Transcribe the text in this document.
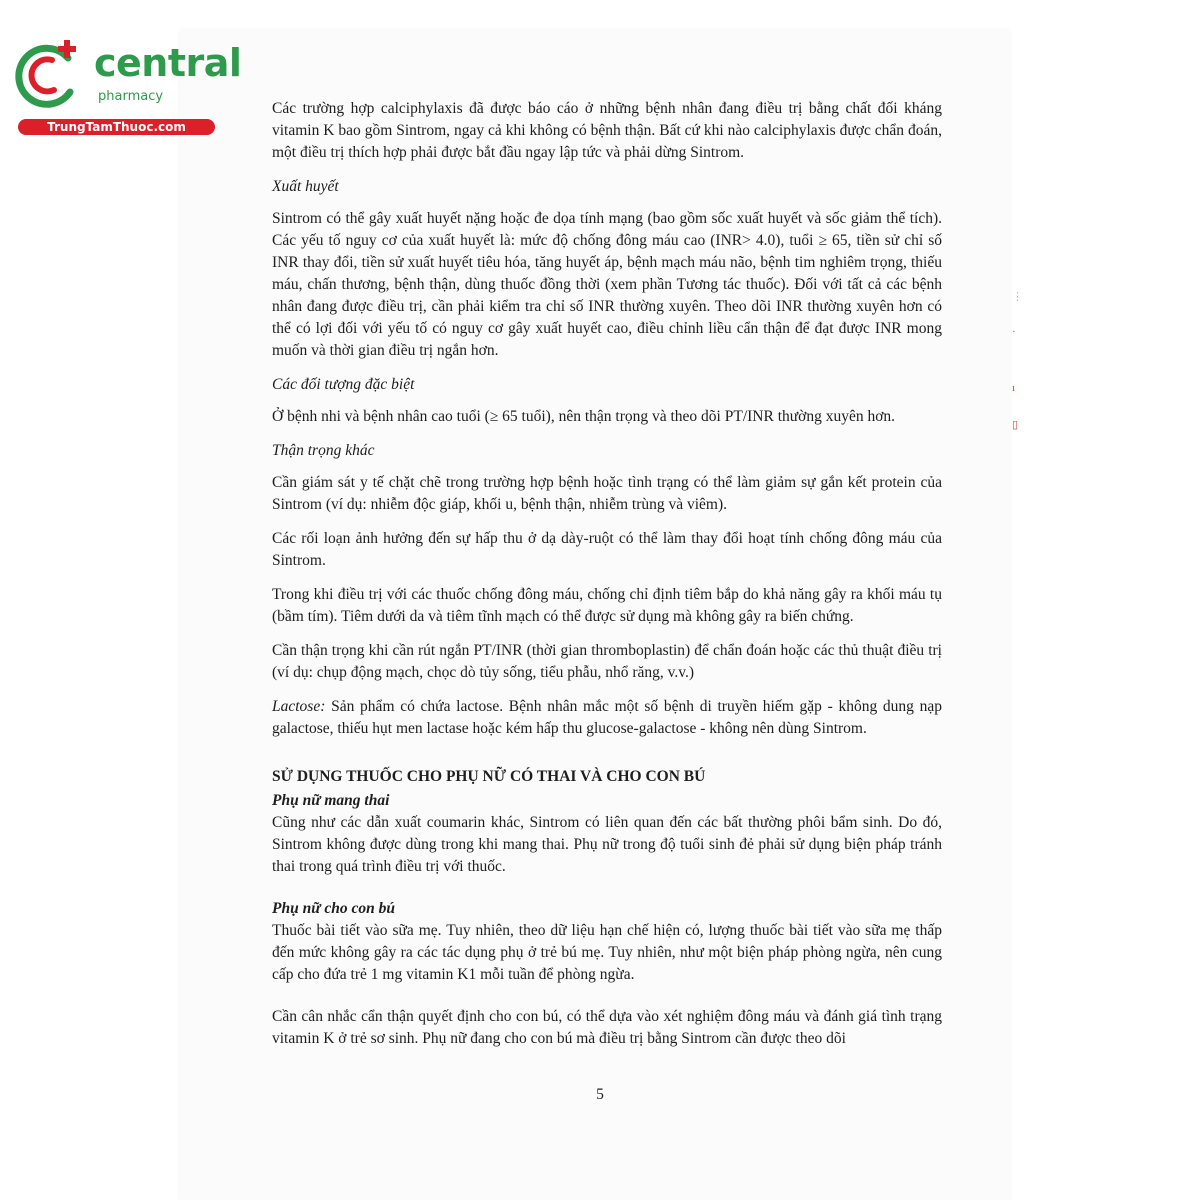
central
pharmacy
TrungTamThuoc.com

Các trường hợp calciphylaxis đã được báo cáo ở những bệnh nhân đang điều trị bằng chất đối kháng vitamin K bao gồm Sintrom, ngay cả khi không có bệnh thận. Bất cứ khi nào calciphylaxis được chẩn đoán, một điều trị thích hợp phải được bắt đầu ngay lập tức và phải dừng Sintrom.

Xuất huyết

Sintrom có thể gây xuất huyết nặng hoặc đe dọa tính mạng (bao gồm sốc xuất huyết và sốc giảm thể tích). Các yếu tố nguy cơ của xuất huyết là: mức độ chống đông máu cao (INR> 4.0), tuổi ≥ 65, tiền sử chỉ số INR thay đổi, tiền sử xuất huyết tiêu hóa, tăng huyết áp, bệnh mạch máu não, bệnh tim nghiêm trọng, thiếu máu, chấn thương, bệnh thận, dùng thuốc đồng thời (xem phần Tương tác thuốc). Đối với tất cả các bệnh nhân đang được điều trị, cần phải kiểm tra chỉ số INR thường xuyên. Theo dõi INR thường xuyên hơn có thể có lợi đối với yếu tố có nguy cơ gây xuất huyết cao, điều chỉnh liều cẩn thận để đạt được INR mong muốn và thời gian điều trị ngắn hơn.

Các đối tượng đặc biệt

Ở bệnh nhi và bệnh nhân cao tuổi (≥ 65 tuổi), nên thận trọng và theo dõi PT/INR thường xuyên hơn.

Thận trọng khác

Cần giám sát y tế chặt chẽ trong trường hợp bệnh hoặc tình trạng có thể làm giảm sự gắn kết protein của Sintrom (ví dụ: nhiễm độc giáp, khối u, bệnh thận, nhiễm trùng và viêm).

Các rối loạn ảnh hưởng đến sự hấp thu ở dạ dày-ruột có thể làm thay đổi hoạt tính chống đông máu của Sintrom.

Trong khi điều trị với các thuốc chống đông máu, chống chỉ định tiêm bắp do khả năng gây ra khối máu tụ (bầm tím). Tiêm dưới da và tiêm tĩnh mạch có thể được sử dụng mà không gây ra biến chứng.

Cần thận trọng khi cần rút ngắn PT/INR (thời gian thromboplastin) để chẩn đoán hoặc các thủ thuật điều trị (ví dụ: chụp động mạch, chọc dò tủy sống, tiểu phẫu, nhổ răng, v.v.)

Lactose: Sản phẩm có chứa lactose. Bệnh nhân mắc một số bệnh di truyền hiếm gặp - không dung nạp galactose, thiếu hụt men lactase hoặc kém hấp thu glucose-galactose - không nên dùng Sintrom.

SỬ DỤNG THUỐC CHO PHỤ NỮ CÓ THAI VÀ CHO CON BÚ
Phụ nữ mang thai

Cũng như các dẫn xuất coumarin khác, Sintrom có liên quan đến các bất thường phôi bẩm sinh. Do đó, Sintrom không được dùng trong khi mang thai. Phụ nữ trong độ tuổi sinh đẻ phải sử dụng biện pháp tránh thai trong quá trình điều trị với thuốc.

Phụ nữ cho con bú

Thuốc bài tiết vào sữa mẹ. Tuy nhiên, theo dữ liệu hạn chế hiện có, lượng thuốc bài tiết vào sữa mẹ thấp đến mức không gây ra các tác dụng phụ ở trẻ bú mẹ. Tuy nhiên, như một biện pháp phòng ngừa, nên cung cấp cho đứa trẻ 1 mg vitamin K1 mỗi tuần để phòng ngừa.

Cần cân nhắc cẩn thận quyết định cho con bú, có thể dựa vào xét nghiệm đông máu và đánh giá tình trạng vitamin K ở trẻ sơ sinh. Phụ nữ đang cho con bú mà điều trị bằng Sintrom cần được theo dõi

5
⋮
·
ı
▯
